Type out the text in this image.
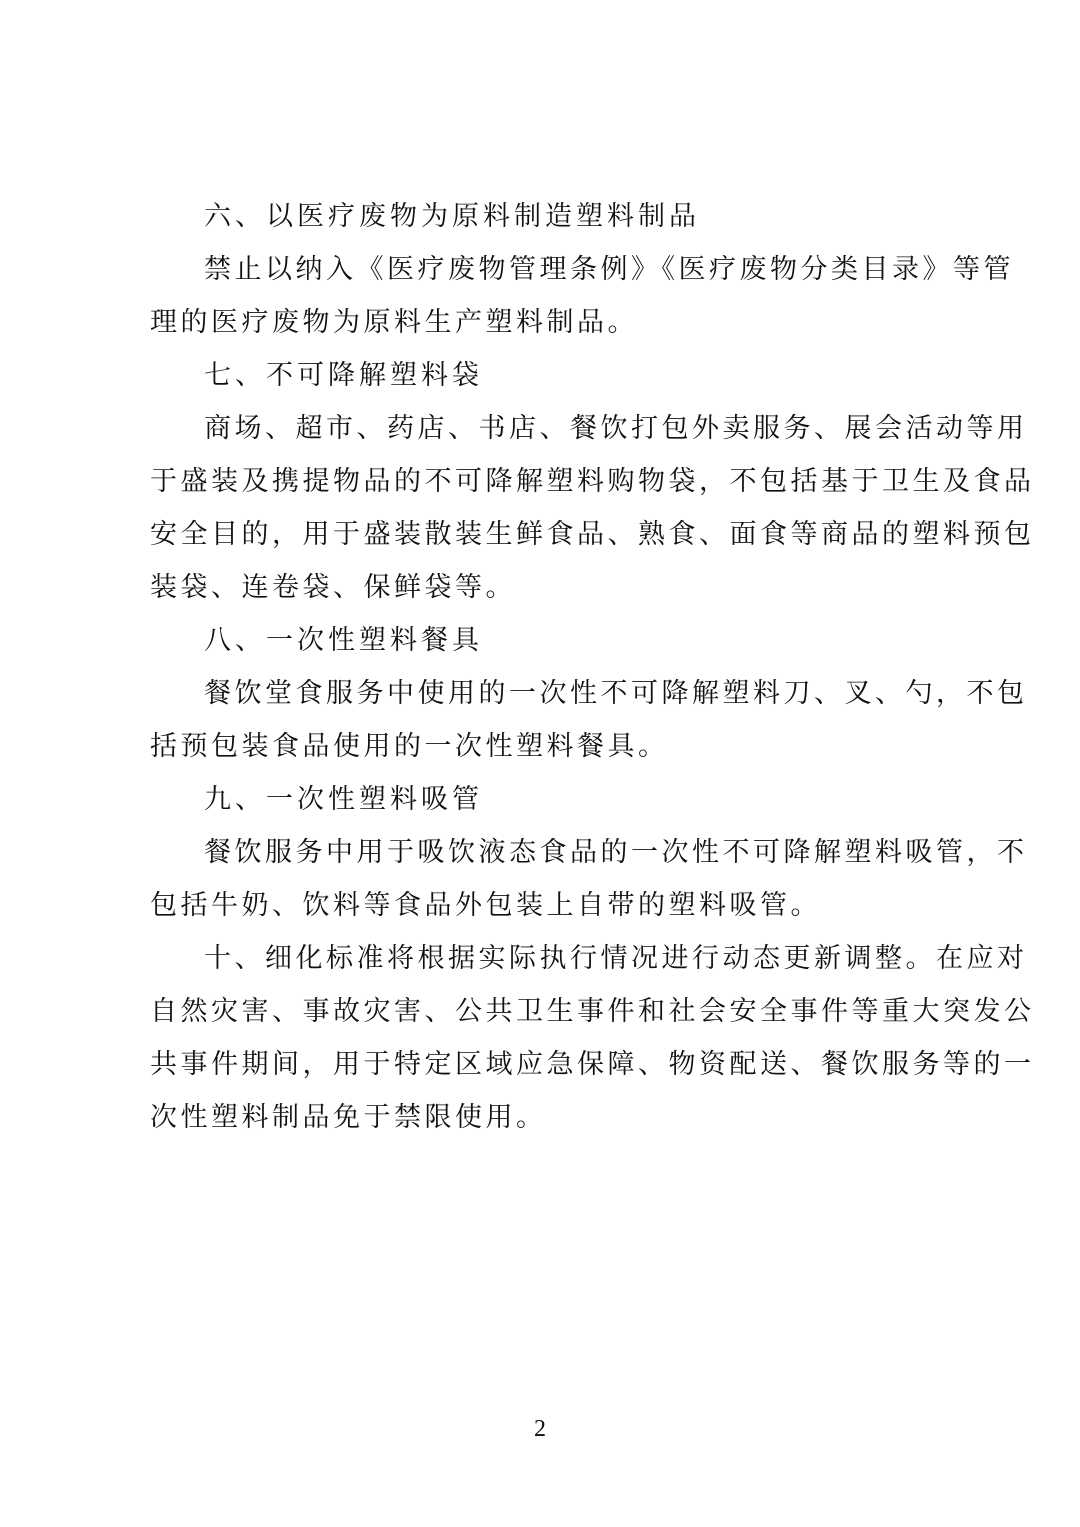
六、以医疗废物为原料制造塑料制品
禁止以纳入《医疗废物管理条例》《医疗废物分类目录》等管
理的医疗废物为原料生产塑料制品。
七、不可降解塑料袋
商场、超市、药店、书店、餐饮打包外卖服务、展会活动等用
于盛装及携提物品的不可降解塑料购物袋，不包括基于卫生及食品
安全目的，用于盛装散装生鲜食品、熟食、面食等商品的塑料预包
装袋、连卷袋、保鲜袋等。
八、一次性塑料餐具
餐饮堂食服务中使用的一次性不可降解塑料刀、叉、勺，不包
括预包装食品使用的一次性塑料餐具。
九、一次性塑料吸管
餐饮服务中用于吸饮液态食品的一次性不可降解塑料吸管，不
包括牛奶、饮料等食品外包装上自带的塑料吸管。
十、细化标准将根据实际执行情况进行动态更新调整。在应对
自然灾害、事故灾害、公共卫生事件和社会安全事件等重大突发公
共事件期间，用于特定区域应急保障、物资配送、餐饮服务等的一
次性塑料制品免于禁限使用。
2
